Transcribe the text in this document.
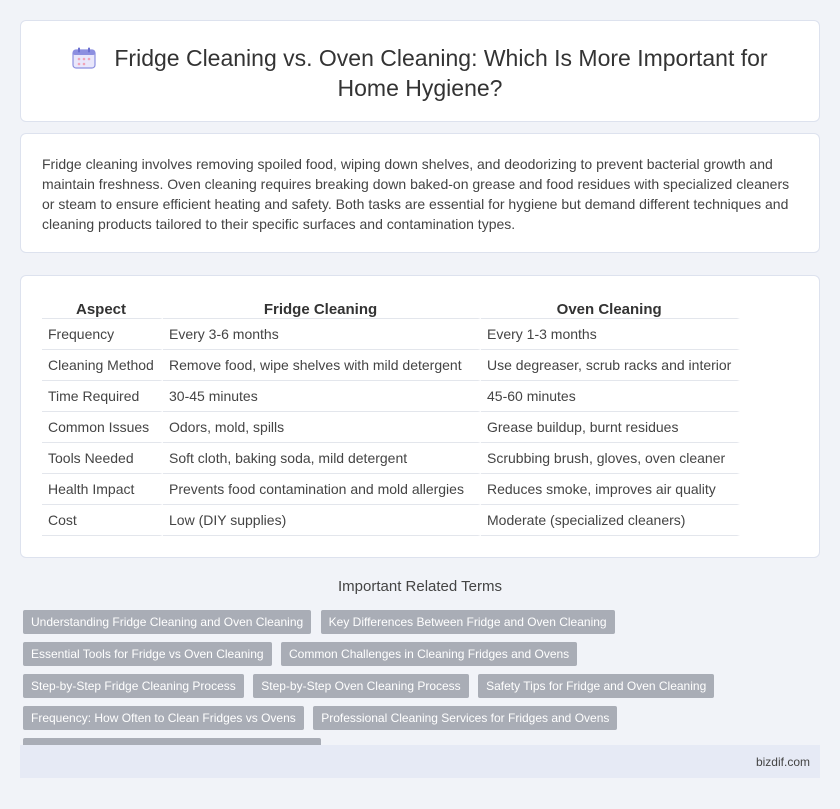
Fridge Cleaning vs. Oven Cleaning: Which Is More Important for Home Hygiene?

Fridge cleaning involves removing spoiled food, wiping down shelves, and deodorizing to prevent bacterial growth and maintain freshness. Oven cleaning requires breaking down baked-on grease and food residues with specialized cleaners or steam to ensure efficient heating and safety. Both tasks are essential for hygiene but demand different techniques and cleaning products tailored to their specific surfaces and contamination types.

Aspect	Fridge Cleaning	Oven Cleaning
Frequency	Every 3-6 months	Every 1-3 months
Cleaning Method	Remove food, wipe shelves with mild detergent	Use degreaser, scrub racks and interior
Time Required	30-45 minutes	45-60 minutes
Common Issues	Odors, mold, spills	Grease buildup, burnt residues
Tools Needed	Soft cloth, baking soda, mild detergent	Scrubbing brush, gloves, oven cleaner
Health Impact	Prevents food contamination and mold allergies	Reduces smoke, improves air quality
Cost	Low (DIY supplies)	Moderate (specialized cleaners)
Important Related Terms
Understanding Fridge Cleaning and Oven Cleaning Key Differences Between Fridge and Oven Cleaning Essential Tools for Fridge vs Oven Cleaning Common Challenges in Cleaning Fridges and Ovens Step-by-Step Fridge Cleaning Process Step-by-Step Oven Cleaning Process Safety Tips for Fridge and Oven Cleaning Frequency: How Often to Clean Fridges vs Ovens Professional Cleaning Services for Fridges and Ovens
bizdif.com
